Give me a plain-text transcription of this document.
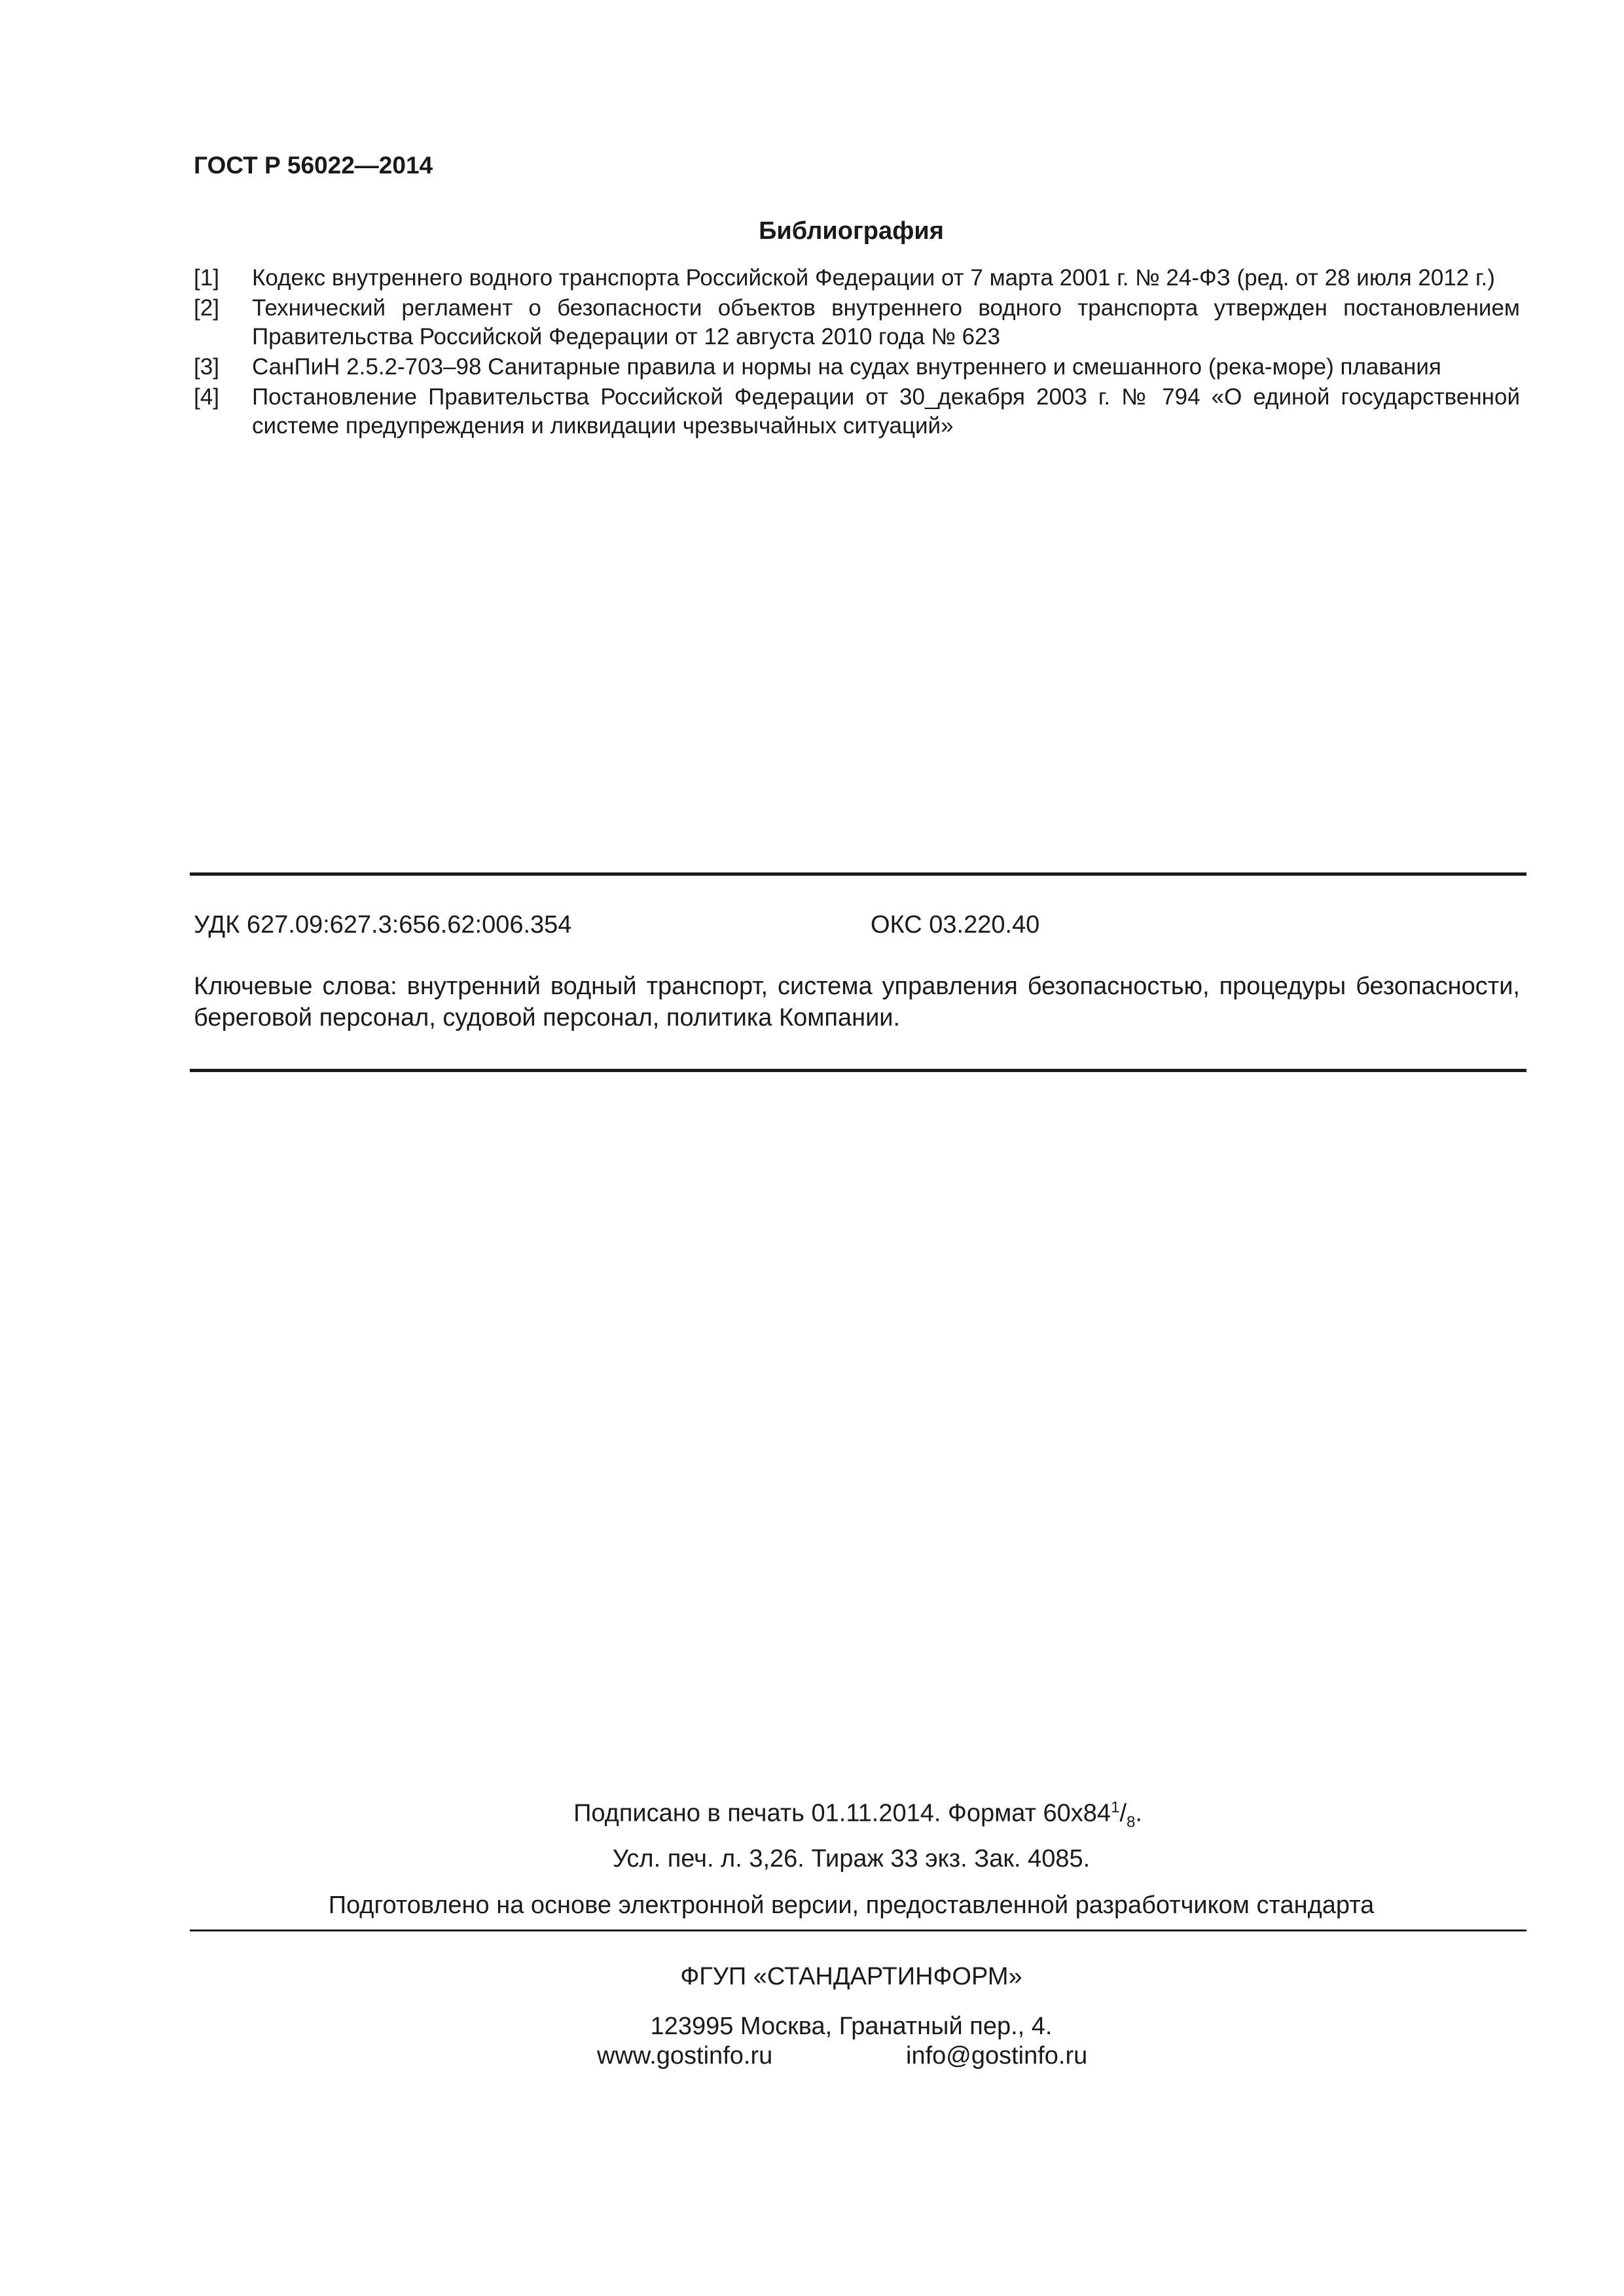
ГОСТ Р 56022—2014
Библиография
[1]	Кодекс внутреннего водного транспорта Российской Федерации от 7 марта 2001 г. № 24-ФЗ (ред. от 28 июля 2012 г.)
[2]	Технический регламент о безопасности объектов внутреннего водного транспорта утвержден постановлением Правительства Российской Федерации от 12 августа 2010 года № 623
[3]	СанПиН 2.5.2-703–98 Санитарные правила и нормы на судах внутреннего и смешанного (река-море) плавания
[4]	Постановление Правительства Российской Федерации от 30_декабря 2003 г. № 794 «О единой государственной системе предупреждения и ликвидации чрезвычайных ситуаций»
УДК 627.09:627.3:656.62:006.354	ОКС 03.220.40
Ключевые слова: внутренний водный транспорт, система управления безопасностью, процедуры безопасности, береговой персонал, судовой персонал, политика Компании.
Подписано в печать 01.11.2014. Формат $60x84^1/_8$.
Усл. печ. л. 3,26. Тираж 33 экз. Зак. 4085.
Подготовлено на основе электронной версии, предоставленной разработчиком стандарта
ФГУП «СТАНДАРТИНФОРМ»
123995 Москва, Гранатный пер., 4.
www.gostinfo.ru	info@gostinfo.ru
